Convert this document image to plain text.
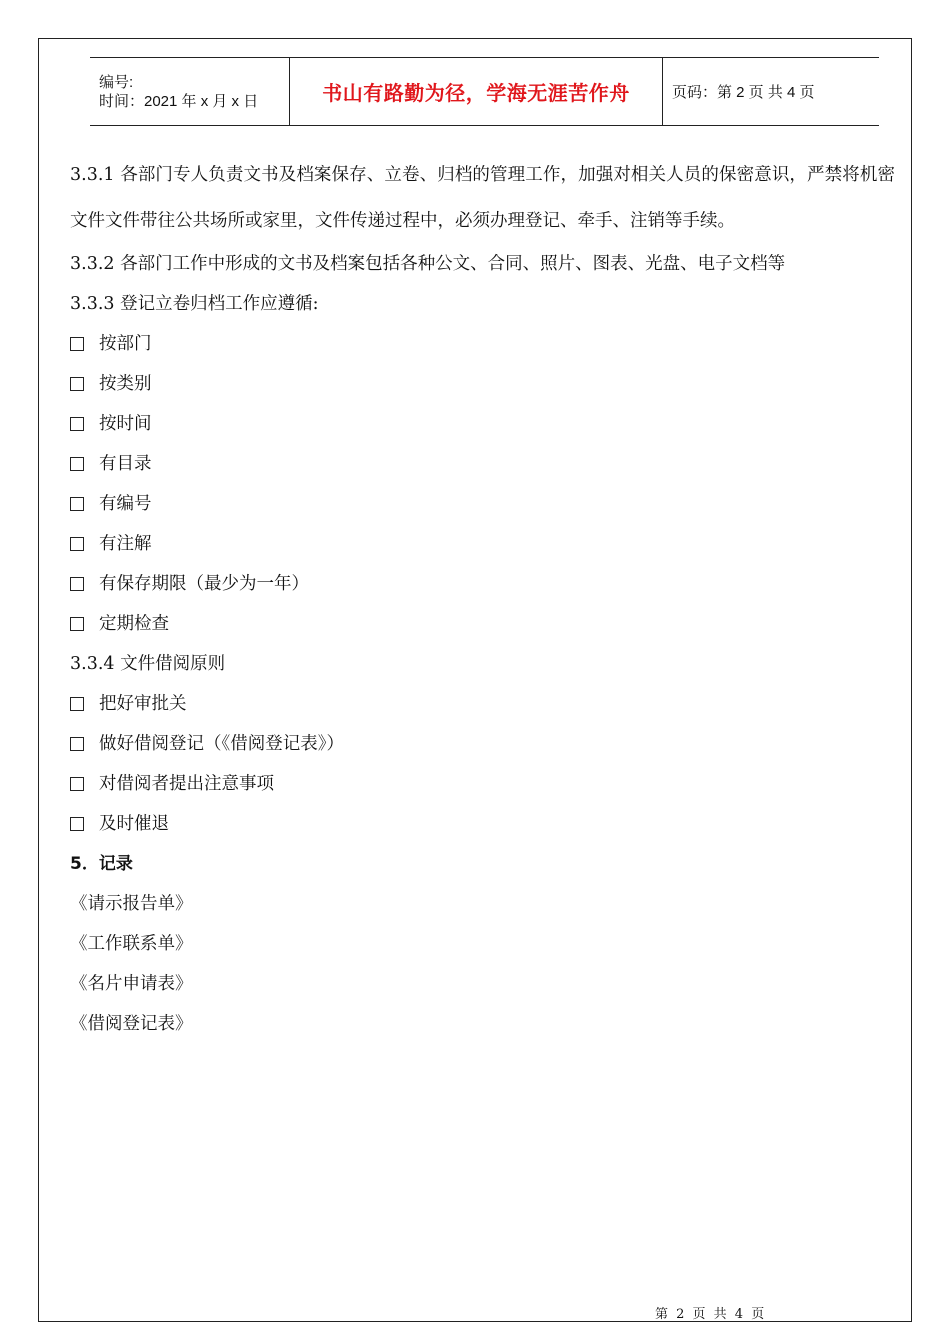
编号:
时间：2021 年 x 月 x 日	书山有路勤为径，学海无涯苦作舟	页码：第 2 页 共 4 页
3.3.1 各部门专人负责文书及档案保存、立卷、归档的管理工作，加强对相关人员的保密意识，严禁将机密文件文件带往公共场所或家里，文件传递过程中，必须办理登记、牵手、注销等手续。
3.3.2 各部门工作中形成的文书及档案包括各种公文、合同、照片、图表、光盘、电子文档等
3.3.3 登记立卷归档工作应遵循:
按部门
按类别
按时间
有目录
有编号
有注解
有保存期限（最少为一年）
定期检查
3.3.4 文件借阅原则
把好审批关
做好借阅登记（《借阅登记表》）
对借阅者提出注意事项
及时催退
5．记录
《请示报告单》
《工作联系单》
《名片申请表》
《借阅登记表》
第 2 页 共 4 页
